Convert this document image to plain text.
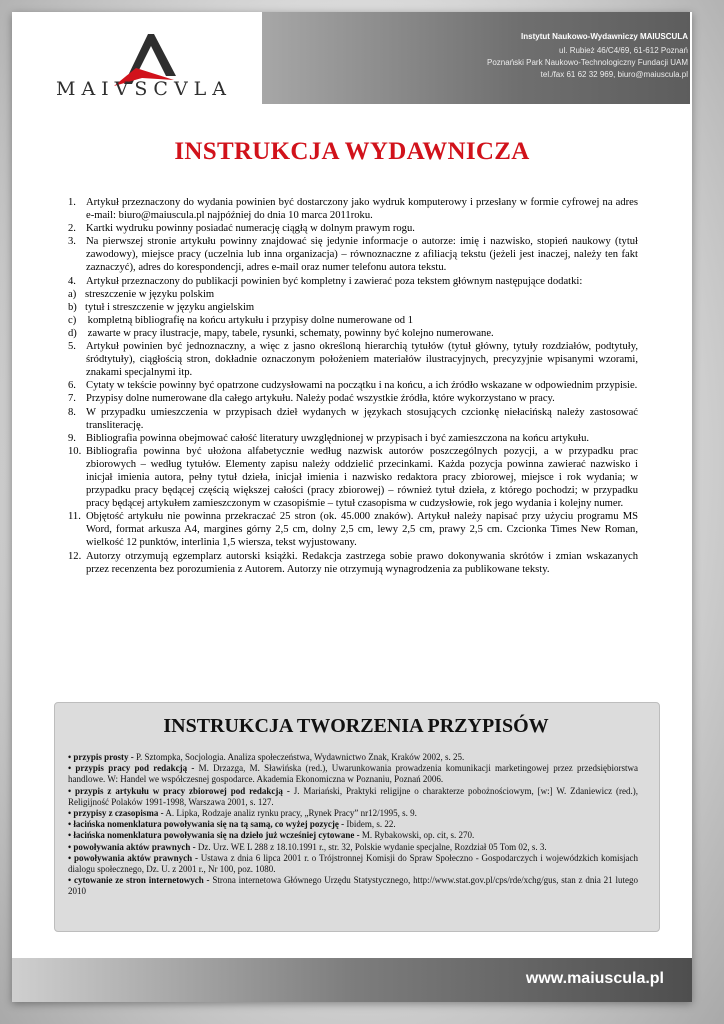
MAIVSCVLA
Instytut Naukowo-Wydawniczy MAIUSCULA
ul. Rubież 46/C4/69, 61-612 Poznań
Poznański Park Naukowo-Technologiczny Fundacji UAM
tel./fax 61 62 32 969, biuro@maiuscula.pl
INSTRUKCJA WYDAWNICZA
1. Artykuł przeznaczony do wydania powinien być dostarczony jako wydruk komputerowy i przesłany w formie cyfrowej na adres e-mail: biuro@maiuscula.pl najpóźniej do dnia 10 marca 2011roku.
2. Kartki wydruku powinny posiadać numerację ciągłą w dolnym prawym rogu.
3. Na pierwszej stronie artykułu powinny znajdować się jedynie informacje o autorze: imię i nazwisko, stopień naukowy (tytuł zawodowy), miejsce pracy (uczelnia lub inna organizacja) – równoznaczne z afiliacją tekstu (jeżeli jest inaczej, należy ten fakt zaznaczyć), adres do korespondencji, adres e-mail oraz numer telefonu autora tekstu.
4. Artykuł przeznaczony do publikacji powinien być kompletny i zawierać poza tekstem głównym następujące dodatki:
a) streszczenie w języku polskim
b) tytuł i streszczenie w języku angielskim
c) kompletną bibliografię na końcu artykułu i przypisy dolne numerowane od 1
d) zawarte w pracy ilustracje, mapy, tabele, rysunki, schematy, powinny być kolejno numerowane.
5. Artykuł powinien być jednoznaczny, a więc z jasno określoną hierarchią tytułów (tytuł główny, tytuły rozdziałów, podtytuły, śródtytuły), ciągłością stron, dokładnie oznaczonym położeniem materiałów ilustracyjnych, precyzyjnie wpisanymi wzorami, znakami specjalnymi itp.
6. Cytaty w tekście powinny być opatrzone cudzysłowami na początku i na końcu, a ich źródło wskazane w odpowiednim przypisie.
7. Przypisy dolne numerowane dla całego artykułu. Należy podać wszystkie źródła, które wykorzystano w pracy.
8. W przypadku umieszczenia w przypisach dzieł wydanych w językach stosujących czcionkę niełacińską należy zastosować transliterację.
9. Bibliografia powinna obejmować całość literatury uwzględnionej w przypisach i być zamieszczona na końcu artykułu.
10. Bibliografia powinna być ułożona alfabetycznie według nazwisk autorów poszczególnych pozycji, a w przypadku prac zbiorowych – według tytułów. Elementy zapisu należy oddzielić przecinkami. Każda pozycja powinna zawierać nazwisko i inicjał imienia autora, pełny tytuł dzieła, inicjał imienia i nazwisko redaktora pracy zbiorowej, miejsce i rok wydania; w przypadku pracy będącej częścią większej całości (pracy zbiorowej) – również tytuł dzieła, z którego pochodzi; w przypadku pracy będącej artykułem zamieszczonym w czasopiśmie – tytuł czasopisma w cudzysłowie, rok jego wydania i kolejny numer.
11. Objętość artykułu nie powinna przekraczać 25 stron (ok. 45.000 znaków). Artykuł należy napisać przy użyciu programu MS Word, format arkusza A4, margines górny 2,5 cm, dolny 2,5 cm, lewy 2,5 cm, prawy 2,5 cm. Czcionka Times New Roman, wielkość 12 punktów, interlinia 1,5 wiersza, tekst wyjustowany.
12. Autorzy otrzymują egzemplarz autorski książki. Redakcja zastrzega sobie prawo dokonywania skrótów i zmian wskazanych przez recenzenta bez porozumienia z Autorem. Autorzy nie otrzymują wynagrodzenia za publikowane teksty.
INSTRUKCJA TWORZENIA PRZYPISÓW

• przypis prosty - P. Sztompka, Socjologia. Analiza społeczeństwa, Wydawnictwo Znak, Kraków 2002, s. 25.

• przypis pracy pod redakcją - M. Drzazga, M. Sławińska (red.), Uwarunkowania prowadzenia komunikacji marketingowej przez przedsiębiorstwa handlowe. W: Handel we współczesnej gospodarce. Akademia Ekonomiczna w Poznaniu, Poznań 2006.

• przypis z artykułu w pracy zbiorowej pod redakcją - J. Mariański, Praktyki religijne o charakterze pobożnościowym, [w:] W. Zdaniewicz (red.), Religijność Polaków 1991-1998, Warszawa 2001, s. 127.

• przypisy z czasopisma - A. Lipka, Rodzaje analiz rynku pracy, „Rynek Pracy” nr12/1995, s. 9.

• łacińska nomenklatura powoływania się na tą samą, co wyżej pozycję - Ibidem, s. 22.

• łacińska nomenklatura powoływania się na dzieło już wcześniej cytowane - M. Rybakowski, op. cit, s. 270.

• powoływania aktów prawnych - Dz. Urz. WE L 288 z 18.10.1991 r., str. 32, Polskie wydanie specjalne, Rozdział 05 Tom 02, s. 3.

• powoływania aktów prawnych - Ustawa z dnia 6 lipca 2001 r. o Trójstronnej Komisji do Spraw Społeczno - Gospodarczych i wojewódzkich komisjach dialogu społecznego, Dz. U. z 2001 r., Nr 100, poz. 1080.

• cytowanie ze stron internetowych - Strona internetowa Głównego Urzędu Statystycznego, http://www.stat.gov.pl/cps/rde/xchg/gus, stan z dnia 21 lutego 2010

www.maiuscula.pl
